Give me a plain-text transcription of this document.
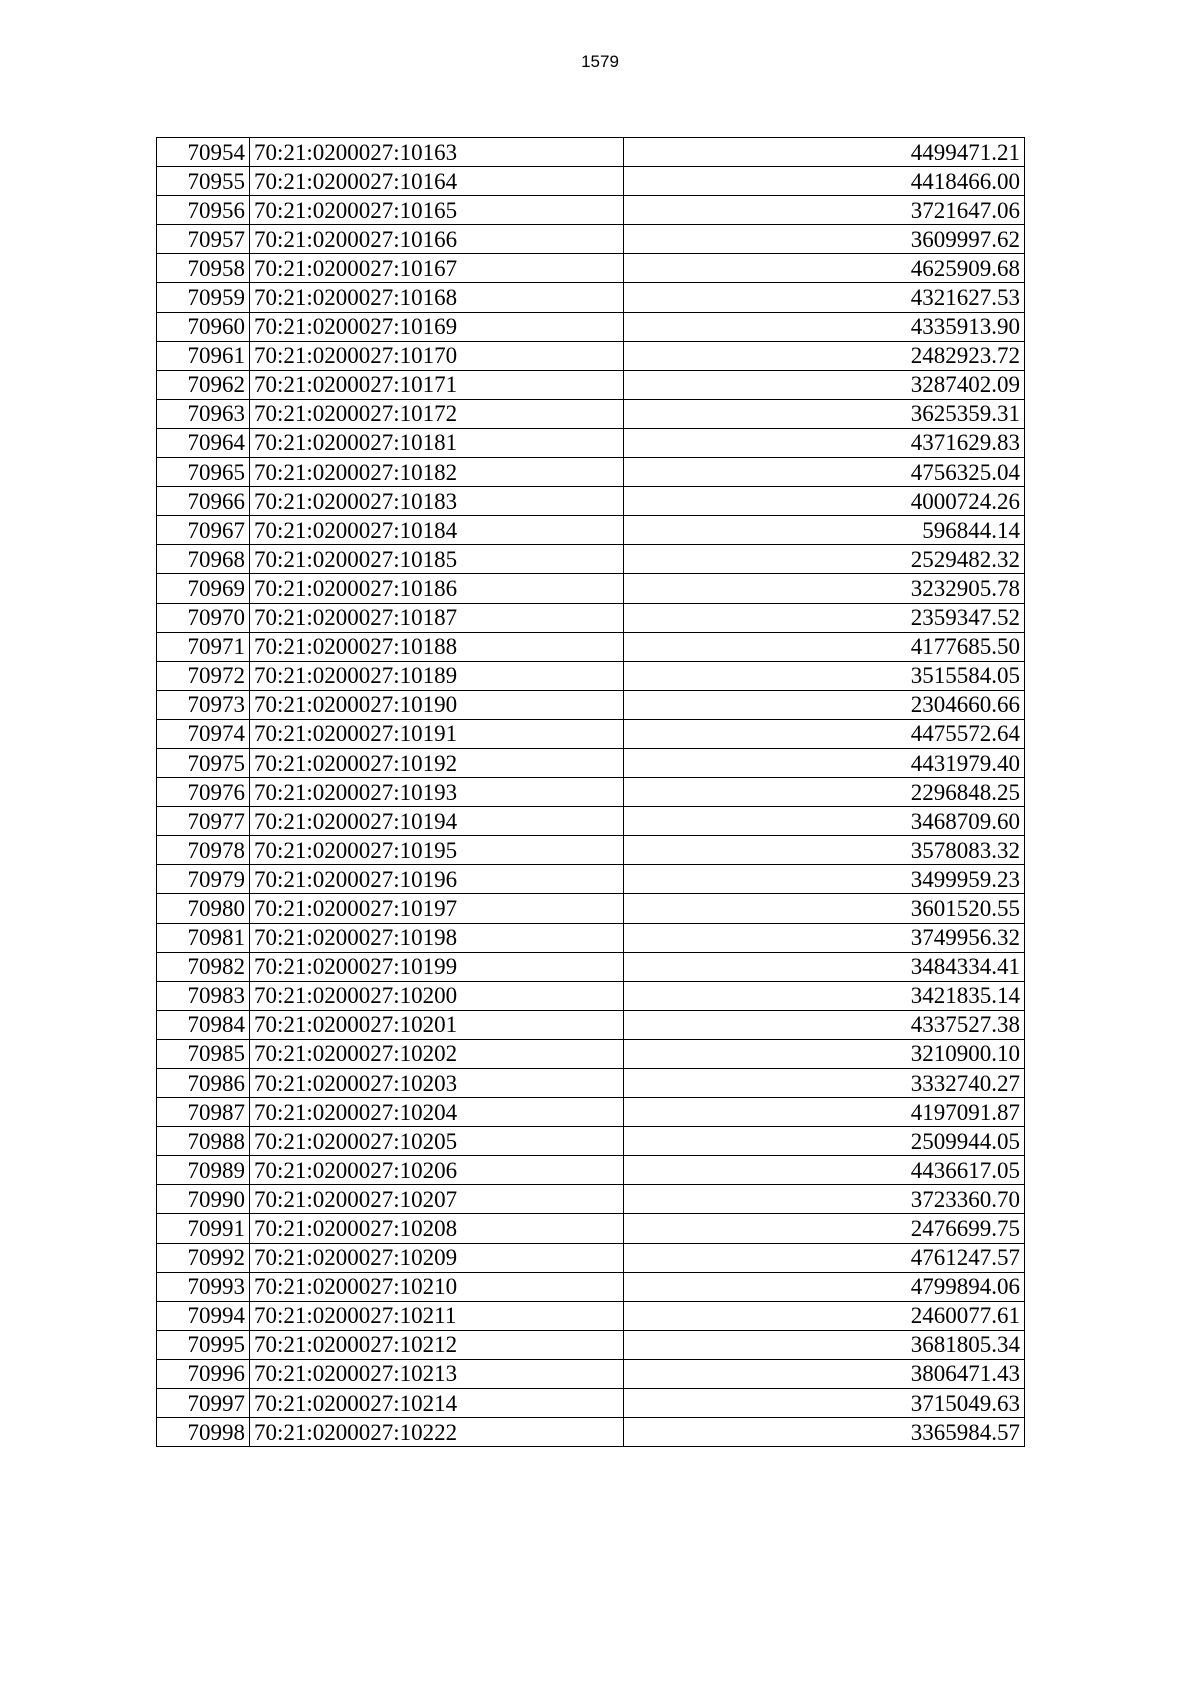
1579
70954	70:21:0200027:10163	4499471.21
70955	70:21:0200027:10164	4418466.00
70956	70:21:0200027:10165	3721647.06
70957	70:21:0200027:10166	3609997.62
70958	70:21:0200027:10167	4625909.68
70959	70:21:0200027:10168	4321627.53
70960	70:21:0200027:10169	4335913.90
70961	70:21:0200027:10170	2482923.72
70962	70:21:0200027:10171	3287402.09
70963	70:21:0200027:10172	3625359.31
70964	70:21:0200027:10181	4371629.83
70965	70:21:0200027:10182	4756325.04
70966	70:21:0200027:10183	4000724.26
70967	70:21:0200027:10184	596844.14
70968	70:21:0200027:10185	2529482.32
70969	70:21:0200027:10186	3232905.78
70970	70:21:0200027:10187	2359347.52
70971	70:21:0200027:10188	4177685.50
70972	70:21:0200027:10189	3515584.05
70973	70:21:0200027:10190	2304660.66
70974	70:21:0200027:10191	4475572.64
70975	70:21:0200027:10192	4431979.40
70976	70:21:0200027:10193	2296848.25
70977	70:21:0200027:10194	3468709.60
70978	70:21:0200027:10195	3578083.32
70979	70:21:0200027:10196	3499959.23
70980	70:21:0200027:10197	3601520.55
70981	70:21:0200027:10198	3749956.32
70982	70:21:0200027:10199	3484334.41
70983	70:21:0200027:10200	3421835.14
70984	70:21:0200027:10201	4337527.38
70985	70:21:0200027:10202	3210900.10
70986	70:21:0200027:10203	3332740.27
70987	70:21:0200027:10204	4197091.87
70988	70:21:0200027:10205	2509944.05
70989	70:21:0200027:10206	4436617.05
70990	70:21:0200027:10207	3723360.70
70991	70:21:0200027:10208	2476699.75
70992	70:21:0200027:10209	4761247.57
70993	70:21:0200027:10210	4799894.06
70994	70:21:0200027:10211	2460077.61
70995	70:21:0200027:10212	3681805.34
70996	70:21:0200027:10213	3806471.43
70997	70:21:0200027:10214	3715049.63
70998	70:21:0200027:10222	3365984.57
